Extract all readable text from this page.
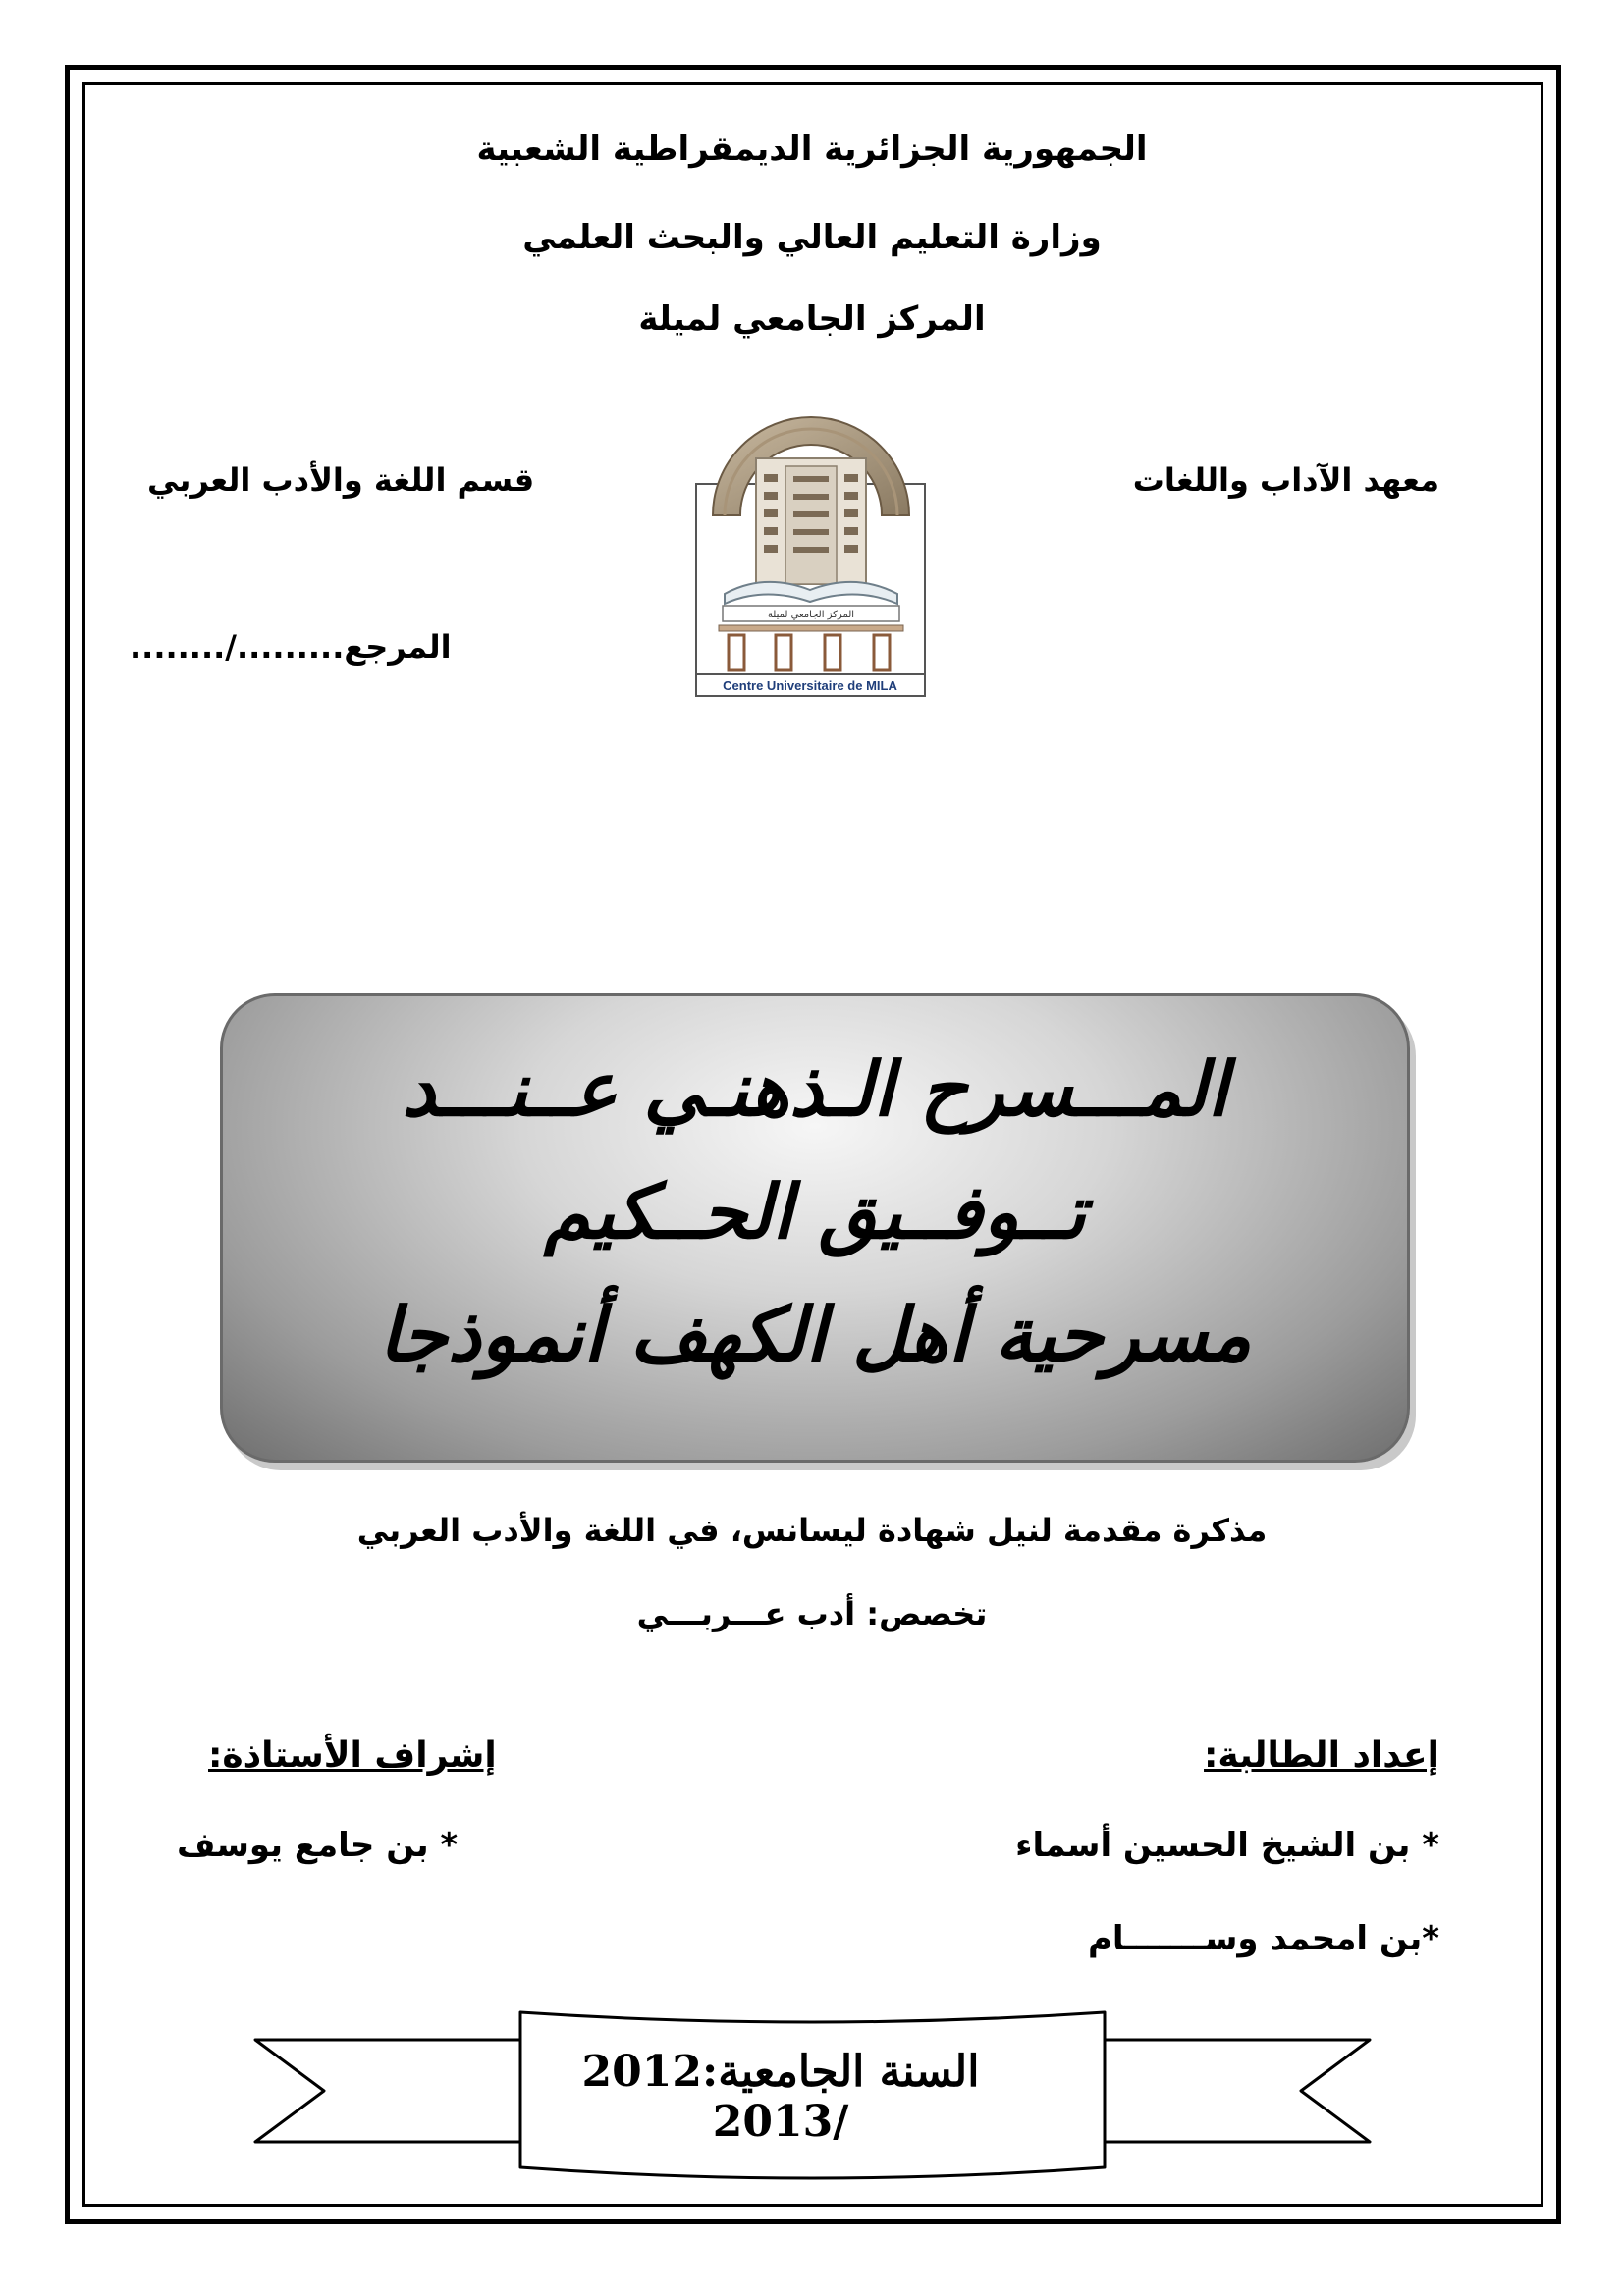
الجمهورية الجزائرية الديمقراطية الشعبية
وزارة التعليم العالي والبحث العلمي
المركز الجامعي لميلة
معهد الآداب واللغات
قسم اللغة والأدب العربي
المرجع........./........
المركز الجامعي لميلة
Centre Universitaire de MILA
المـــسرح الـذهنـي عــنـــد
تــوفــيق الحــكيم
مسرحية أهل الكهف أنموذجا
مذكرة مقدمة لنيل شهادة ليسانس، في اللغة والأدب العربي
تخصص: أدب عـــربـــي
إعداد الطالبة:
إشراف الأستاذة:
* بن الشيخ الحسين أسماء
*بن امحمد وســـــــام
* بن جامع يوسف
السنة الجامعية:2012 /2013
